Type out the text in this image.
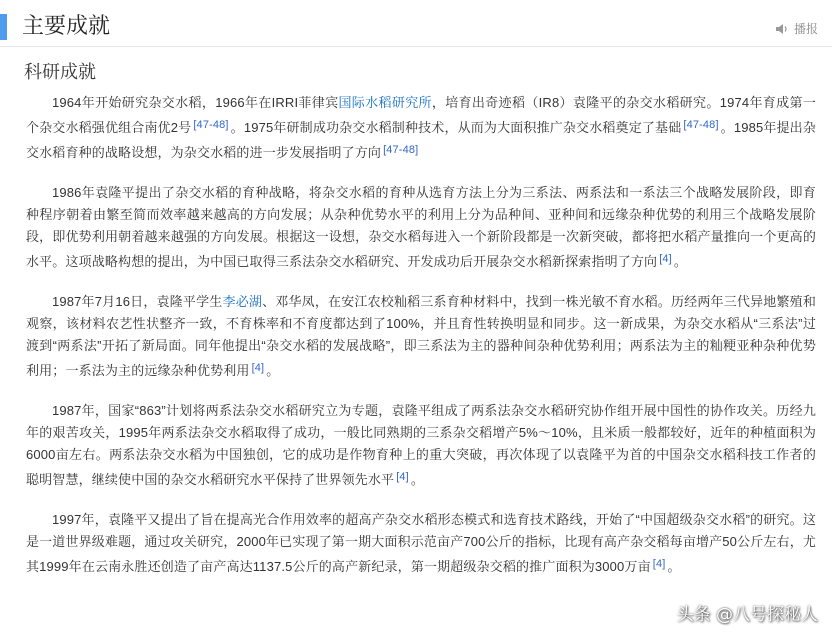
主要成就	播报
科研成就

1964年开始研究杂交水稻，1966年在IRRI菲律宾国际水稻研究所，培育出奇迹稻（IR8）袁隆平的杂交水稻研究。1974年育成第一个杂交水稻强优组合南优2号 [47-48] 。1975年研制成功杂交水稻制种技术，从而为大面积推广杂交水稻奠定了基础 [47-48] 。1985年提出杂交水稻育种的战略设想，为杂交水稻的进一步发展指明了方向 [47-48]

1986年袁隆平提出了杂交水稻的育种战略，将杂交水稻的育种从选育方法上分为三系法、两系法和一系法三个战略发展阶段，即育种程序朝着由繁至简而效率越来越高的方向发展；从杂种优势水平的利用上分为品种间、亚种间和远缘杂种优势的利用三个战略发展阶段，即优势利用朝着越来越强的方向发展。根据这一设想，杂交水稻每进入一个新阶段都是一次新突破，都将把水稻产量推向一个更高的水平。这项战略构想的提出，为中国已取得三系法杂交水稻研究、开发成功后开展杂交水稻新探索指明了方向 [4] 。

1987年7月16日，袁隆平学生李必湖、邓华凤，在安江农校籼稻三系育种材料中，找到一株光敏不育水稻。历经两年三代异地繁殖和观察，该材料农艺性状整齐一致，不育株率和不育度都达到了100%，并且育性转换明显和同步。这一新成果，为杂交水稻从“三系法”过渡到“两系法”开拓了新局面。同年他提出“杂交水稻的发展战略”，即三系法为主的器种间杂种优势利用；两系法为主的籼粳亚种杂种优势利用；一系法为主的远缘杂种优势利用 [4] 。

1987年，国家“863”计划将两系法杂交水稻研究立为专题，袁隆平组成了两系法杂交水稻研究协作组开展中国性的协作攻关。历经九年的艰苦攻关，1995年两系法杂交水稻取得了成功，一般比同熟期的三系杂交稻增产5%～10%，且米质一般都较好，近年的种植面积为6000亩左右。两系法杂交水稻为中国独创，它的成功是作物育种上的重大突破，再次体现了以袁隆平为首的中国杂交水稻科技工作者的聪明智慧，继续使中国的杂交水稻研究水平保持了世界领先水平 [4] 。

1997年，袁隆平又提出了旨在提高光合作用效率的超高产杂交水稻形态模式和选育技术路线，开始了“中国超级杂交水稻”的研究。这是一道世界级难题，通过攻关研究，2000年已实现了第一期大面积示范亩产700公斤的指标，比现有高产杂交稻每亩增产50公斤左右，尤其1999年在云南永胜还创造了亩产高达1137.5公斤的高产新纪录，第一期超级杂交稻的推广面积为3000万亩 [4] 。

头条 @八号探秘人
